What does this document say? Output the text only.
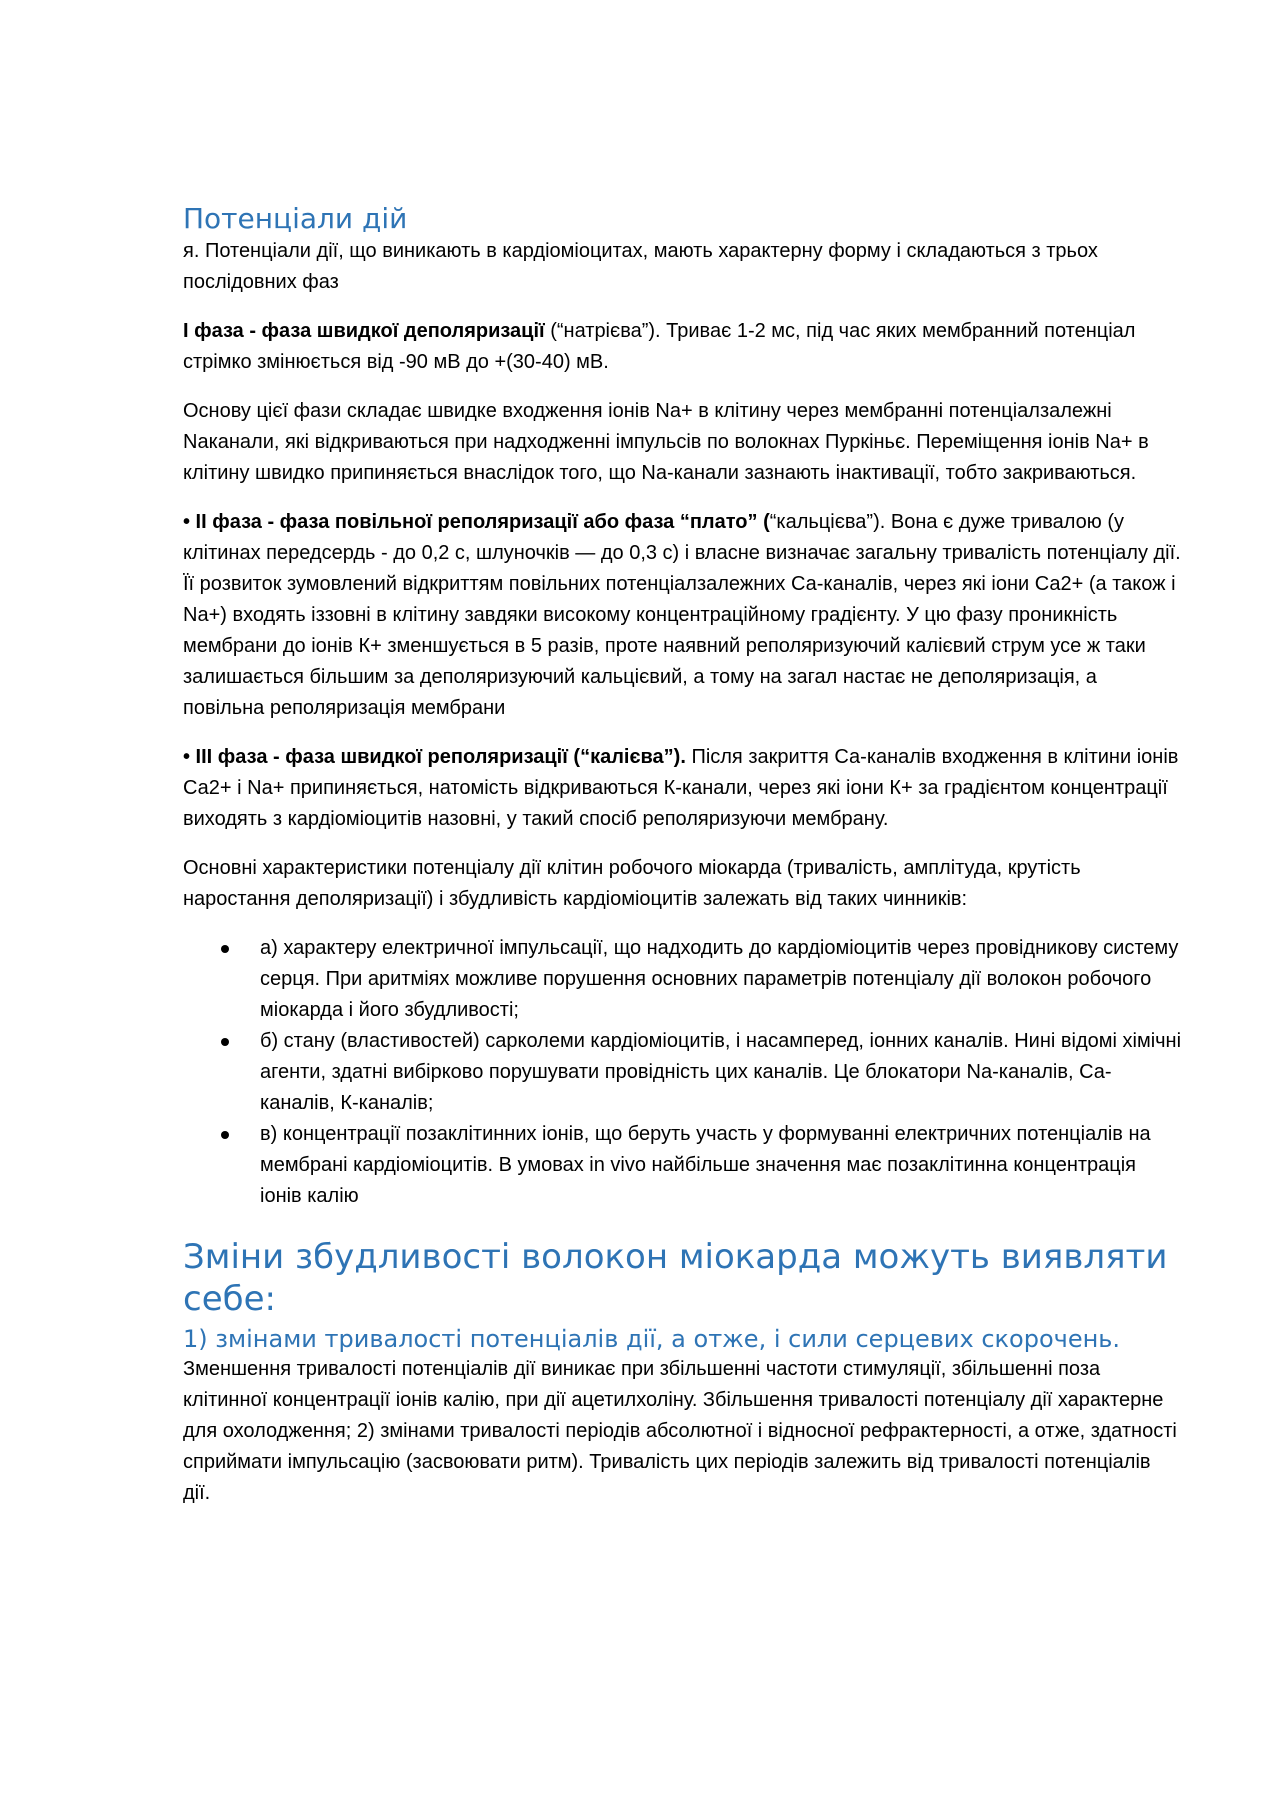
Потенціали дій

я. Потенціали дії, що виникають в кардіоміоцитах, мають характерну форму і складаються з трьох послідовних фаз

I фаза - фаза швидкої деполяризації (“натрієва”). Триває 1-2 мс, під час яких мембранний потенціал стрімко змінюється від -90 мВ до +(30-40) мВ.

Основу цієї фази складає швидке входження іонів Na+ в клітину через мембранні потенціалзалежні Naканали, які відкриваються при надходженні імпульсів по волокнах Пуркіньє. Переміщення іонів Na+ в клітину швидко припиняється внаслідок того, що Na-канали зазнають інактивації, тобто закриваються.

• II фаза - фаза повільної реполяризації або фаза “плато” (“кальцієва”). Вона є дуже тривалою (у клітинах передсердь - до 0,2 с, шлуночків — до 0,3 с) і власне визначає загальну тривалість потенціалу дії. Її розвиток зумовлений відкриттям повільних потенціалзалежних Са-каналів, через які іони Са2+ (а також і Na+) входять іззовні в клітину завдяки високому концентраційному градієнту. У цю фазу проникність мембрани до іонів К+ зменшується в 5 разів, проте наявний реполяризуючий калієвий струм усе ж таки залишається більшим за деполяризуючий кальцієвий, а тому на загал настає не деполяризація, а повільна реполяризація мембрани

• III фаза - фаза швидкої реполяризації (“калієва”). Після закриття Са-каналів входження в клітини іонів Са2+ і Na+ припиняється, натомість відкриваються К-канали, через які іони К+ за градієнтом концентрації виходять з кардіоміоцитів назовні, у такий спосіб реполяризуючи мембрану.

Основні характеристики потенціалу дії клітин робочого міокарда (тривалість, амплітуда, крутість наростання деполяризації) і збудливість кардіоміоцитів залежать від таких чинників:

а) характеру електричної імпульсації, що надходить до кардіоміоцитів через провідникову систему серця. При аритміях можливе порушення основних параметрів потенціалу дії волокон робочого міокарда і його збудливості;
б) стану (властивостей) сарколеми кардіоміоцитів, і насамперед, іонних каналів. Нині відомі хімічні агенти, здатні вибірково порушувати провідність цих каналів. Це блокатори Na-каналів, Са-каналів, К-каналів;
в) концентрації позаклітинних іонів, що беруть участь у формуванні електричних потенціалів на мембрані кардіоміоцитів. В умовах in vivo найбільше значення має позаклітинна концентрація іонів калію
Зміни збудливості волокон міокарда можуть виявляти себе:
1) змінами тривалості потенціалів дії, а отже, і сили серцевих скорочень.

Зменшення тривалості потенціалів дії виникає при збільшенні частоти стимуляції, збільшенні поза клітинної концентрації іонів калію, при дії ацетилхоліну. Збільшення тривалості потенціалу дії характерне для охолодження; 2) змінами тривалості періодів абсолютної і відносної рефрактерності, а отже, здатності сприймати імпульсацію (засвоювати ритм). Тривалість цих періодів залежить від тривалості потенціалів дії.
